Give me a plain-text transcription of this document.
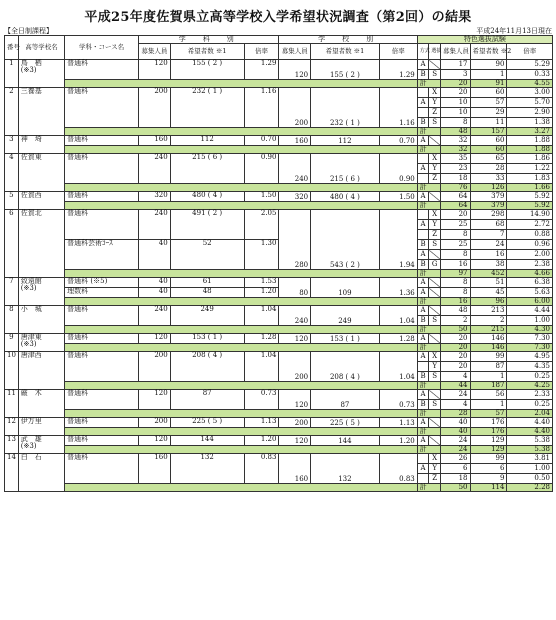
平成25年度佐賀県立高等学校入学希望状況調査（第2回）の結果
【全日制課程】	平成24年11月13日現在
番号	高等学校名	学科・コース名	学　科　別			学　校　別			特色選抜試験				
			募集人員	希望者数 ※1	倍率	募集人員	希望者数 ※1	倍率	方式	選抜	募集人員	希望者数 ※2	倍率
1	鳥　栖
(※3)	普通科	120	155 ( 2 )	1.29	120	155 ( 2 )	1.29	A		17	90	5.29
									B	S	3	1	0.33
									計		20	91	4.55
2	三養基	普通科	200	232 ( 1 )	1.16	200	232 ( 1 )	1.16		X	20	60	3.00
									A	Y	10	57	5.70
										Z	10	29	2.90
									B	S	8	11	1.38
									計		48	157	3.27
3	神　埼	普通科	160	112	0.70	160	112	0.70	A		32	60	1.88
									計		32	60	1.88
4	佐賀東	普通科	240	215 ( 6 )	0.90	240	215 ( 6 )	0.90		X	35	65	1.86
									A	Y	23	28	1.22
										Z	18	33	1.83
									計		76	126	1.66
5	佐賀西	普通科	320	480 ( 4 )	1.50	320	480 ( 4 )	1.50	A		64	379	5.92
									計		64	379	5.92
6	佐賀北	普通科	240	491 ( 2 )	2.05	280	543 ( 2 )	1.94		X	20	298	14.90
									A	Y	25	68	2.72
										Z	8	7	0.88
		普通科芸術ｺｰｽ	40	52	1.30				B	S	25	24	0.96
									A		8	16	2.00
									B	G	16	38	2.38
									計		97	452	4.66
7	致遠館
(※3)	普通科 (※5)	40	61	1.53	80	109	1.36	A		8	51	6.38
		理数科	40	48	1.20				A		8	45	5.63
									計		16	96	6.00
8	小　城	普通科	240	249	1.04	240	249	1.04	A		48	213	4.44
									B	S	2	2	1.00
									計		50	215	4.30
9	唐津東
(※3)	普通科	120	153 ( 1 )	1.28	120	153 ( 1 )	1.28	A		20	146	7.30
									計		20	146	7.30
10	唐津西	普通科	200	208 ( 4 )	1.04	200	208 ( 4 )	1.04	A	X	20	99	4.95
										Y	20	87	4.35
									B	S	4	1	0.25
									計		44	187	4.25
11	厳　木	普通科	120	87	0.73	120	87	0.73	A		24	56	2.33
									B	S	4	1	0.25
									計		28	57	2.04
12	伊万里	普通科	200	225 ( 5 )	1.13	200	225 ( 5 )	1.13	A		40	176	4.40
									計		40	176	4.40
13	武　雄
(※3)	普通科	120	144	1.20	120	144	1.20	A		24	129	5.38
									計		24	129	5.38
14	白　石	普通科	160	132	0.83	160	132	0.83		X	26	99	3.81
									A	Y	6	6	1.00
										Z	18	9	0.50
									計		50	114	2.28
